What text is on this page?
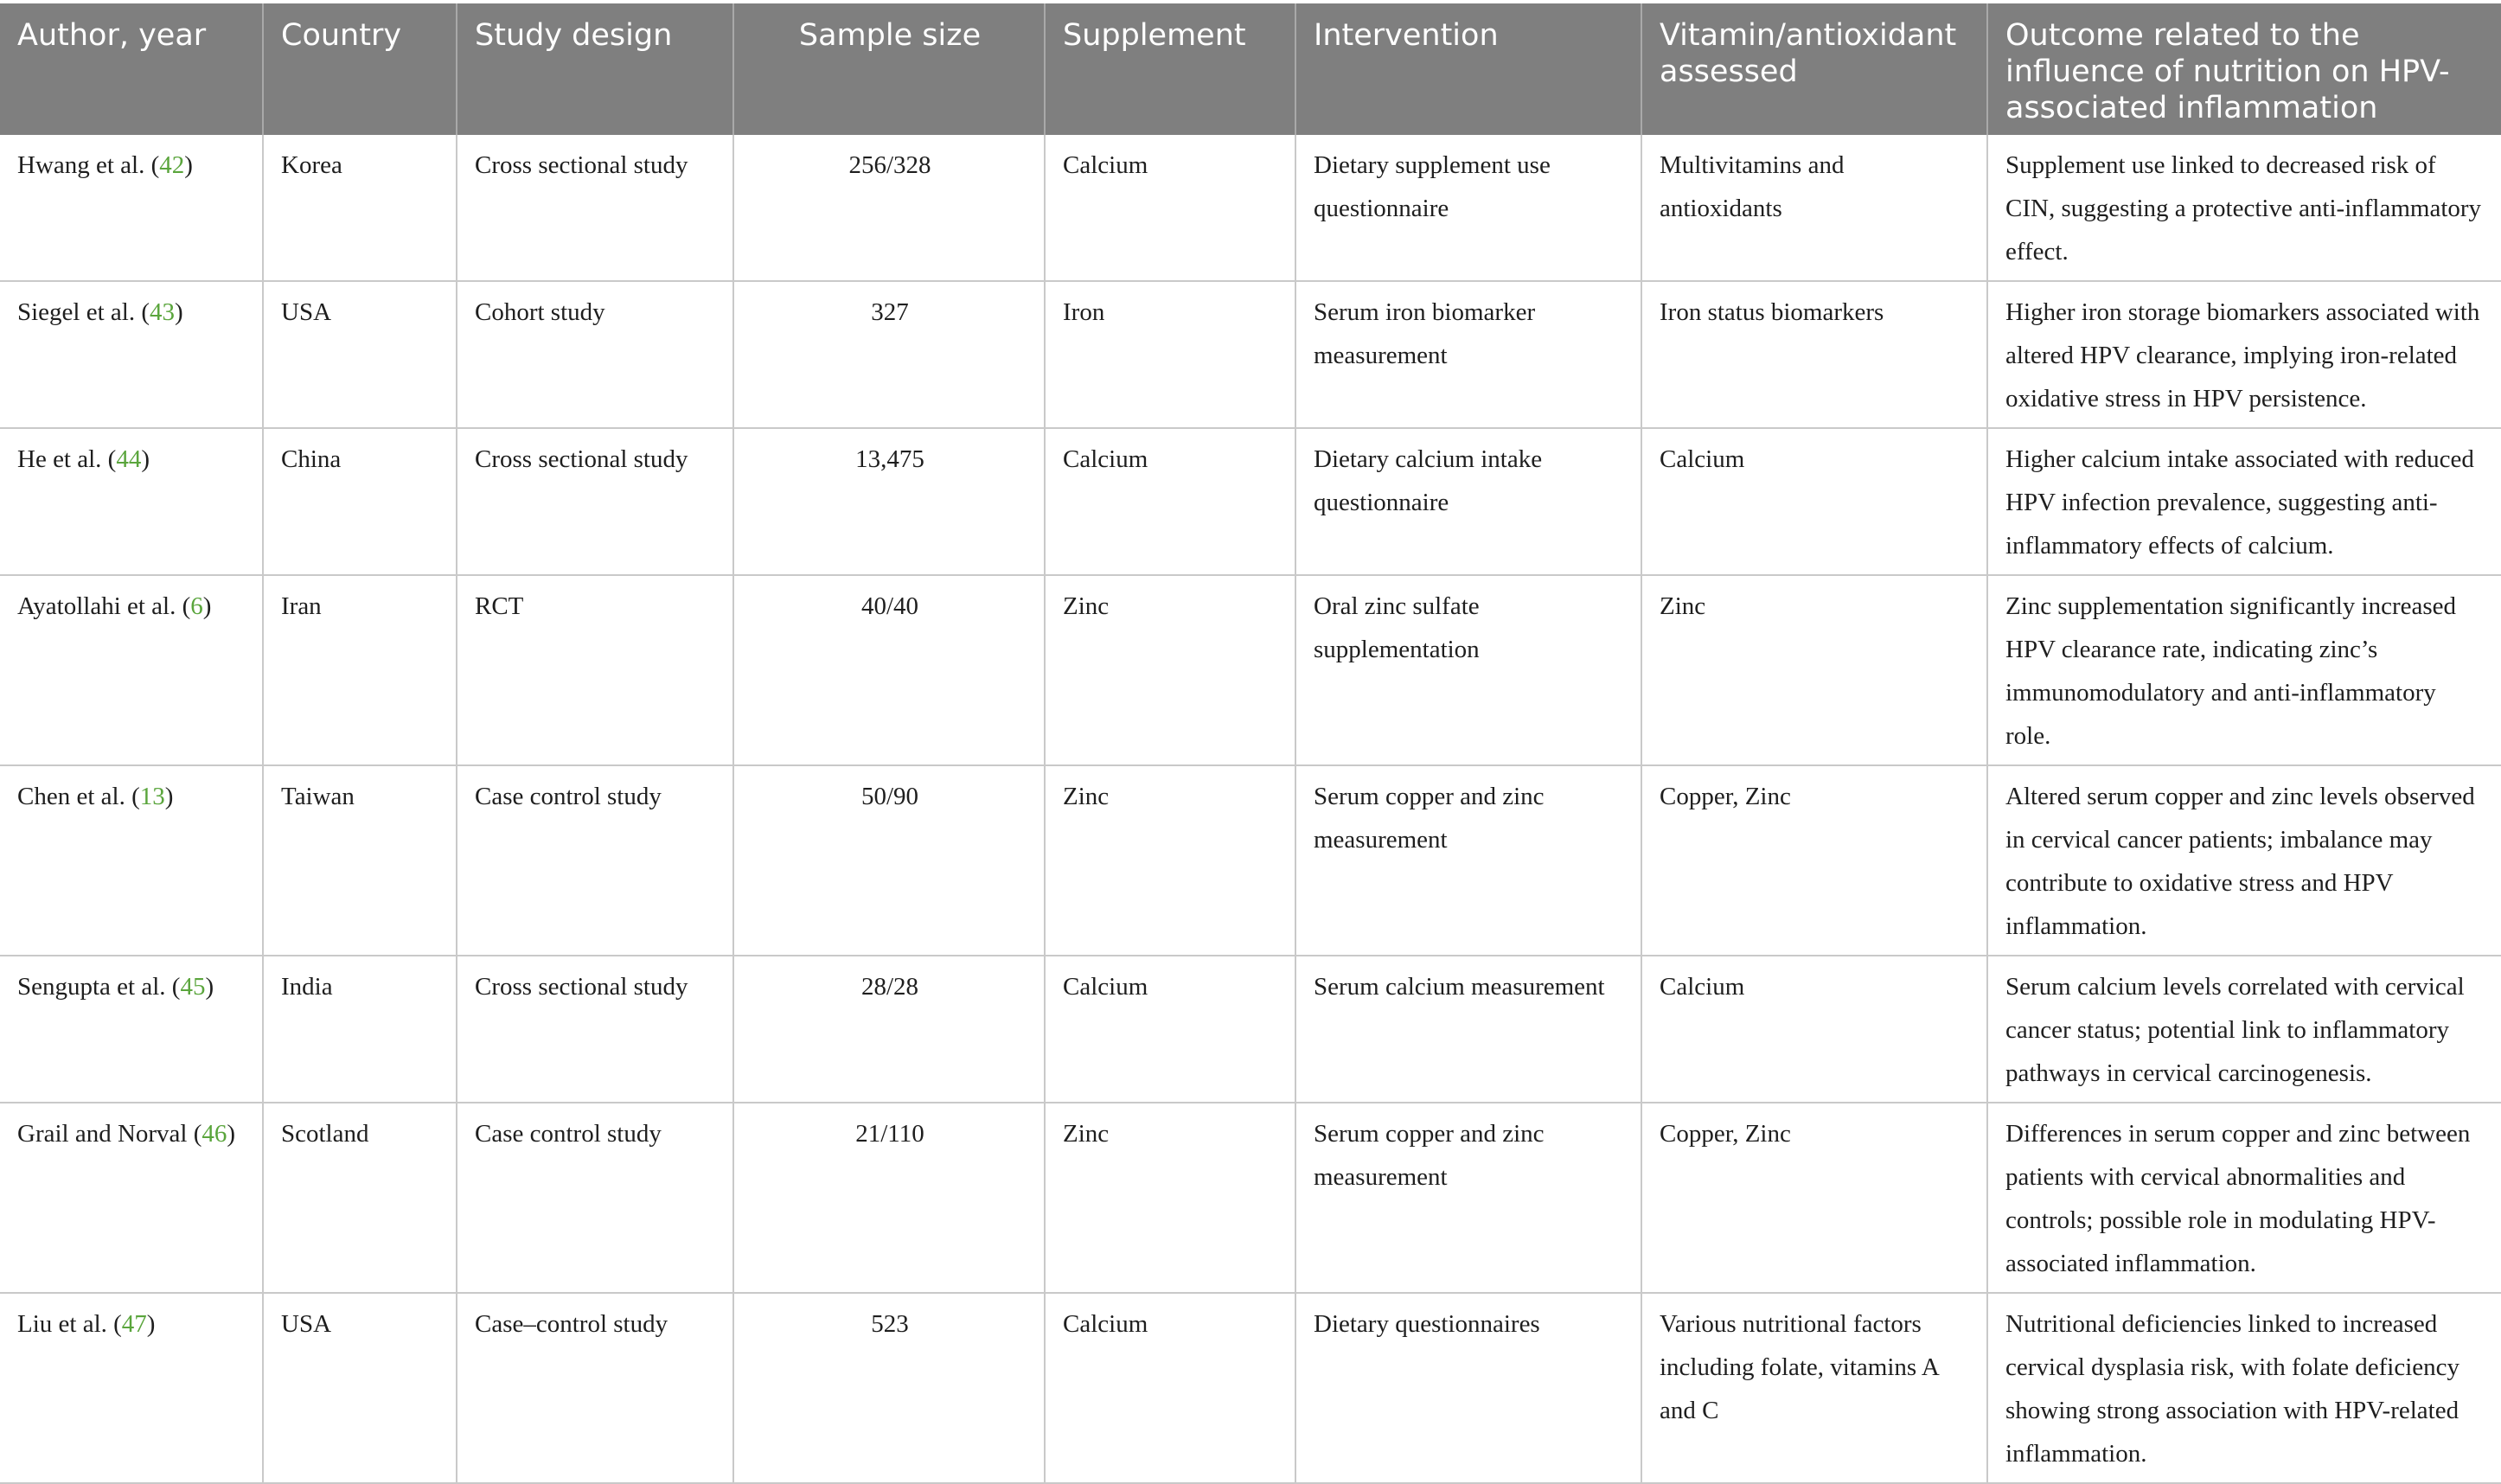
Author, year	Country	Study design	Sample size	Supplement	Intervention	Vitamin/antioxidant assessed	Outcome related to the influence of nutrition on HPV-associated inflammation
Hwang et al. (42)	Korea	Cross sectional study	256/328	Calcium	Dietary supplement use questionnaire	Multivitamins and antioxidants	Supplement use linked to decreased risk of CIN, suggesting a protective anti-inflammatory effect.
Siegel et al. (43)	USA	Cohort study	327	Iron	Serum iron biomarker measurement	Iron status biomarkers	Higher iron storage biomarkers associated with altered HPV clearance, implying iron-related oxidative stress in HPV persistence.
He et al. (44)	China	Cross sectional study	13,475	Calcium	Dietary calcium intake questionnaire	Calcium	Higher calcium intake associated with reduced HPV infection prevalence, suggesting anti-inflammatory effects of calcium.
Ayatollahi et al. (6)	Iran	RCT	40/40	Zinc	Oral zinc sulfate supplementation	Zinc	Zinc supplementation significantly increased HPV clearance rate, indicating zinc’s immunomodulatory and anti-inflammatory role.
Chen et al. (13)	Taiwan	Case control study	50/90	Zinc	Serum copper and zinc measurement	Copper, Zinc	Altered serum copper and zinc levels observed in cervical cancer patients; imbalance may contribute to oxidative stress and HPV inflammation.
Sengupta et al. (45)	India	Cross sectional study	28/28	Calcium	Serum calcium measurement	Calcium	Serum calcium levels correlated with cervical cancer status; potential link to inflammatory pathways in cervical carcinogenesis.
Grail and Norval (46)	Scotland	Case control study	21/110	Zinc	Serum copper and zinc measurement	Copper, Zinc	Differences in serum copper and zinc between patients with cervical abnormalities and controls; possible role in modulating HPV-associated inflammation.
Liu et al. (47)	USA	Case–control study	523	Calcium	Dietary questionnaires	Various nutritional factors including folate, vitamins A and C	Nutritional deficiencies linked to increased cervical dysplasia risk, with folate deficiency showing strong association with HPV-related inflammation.
